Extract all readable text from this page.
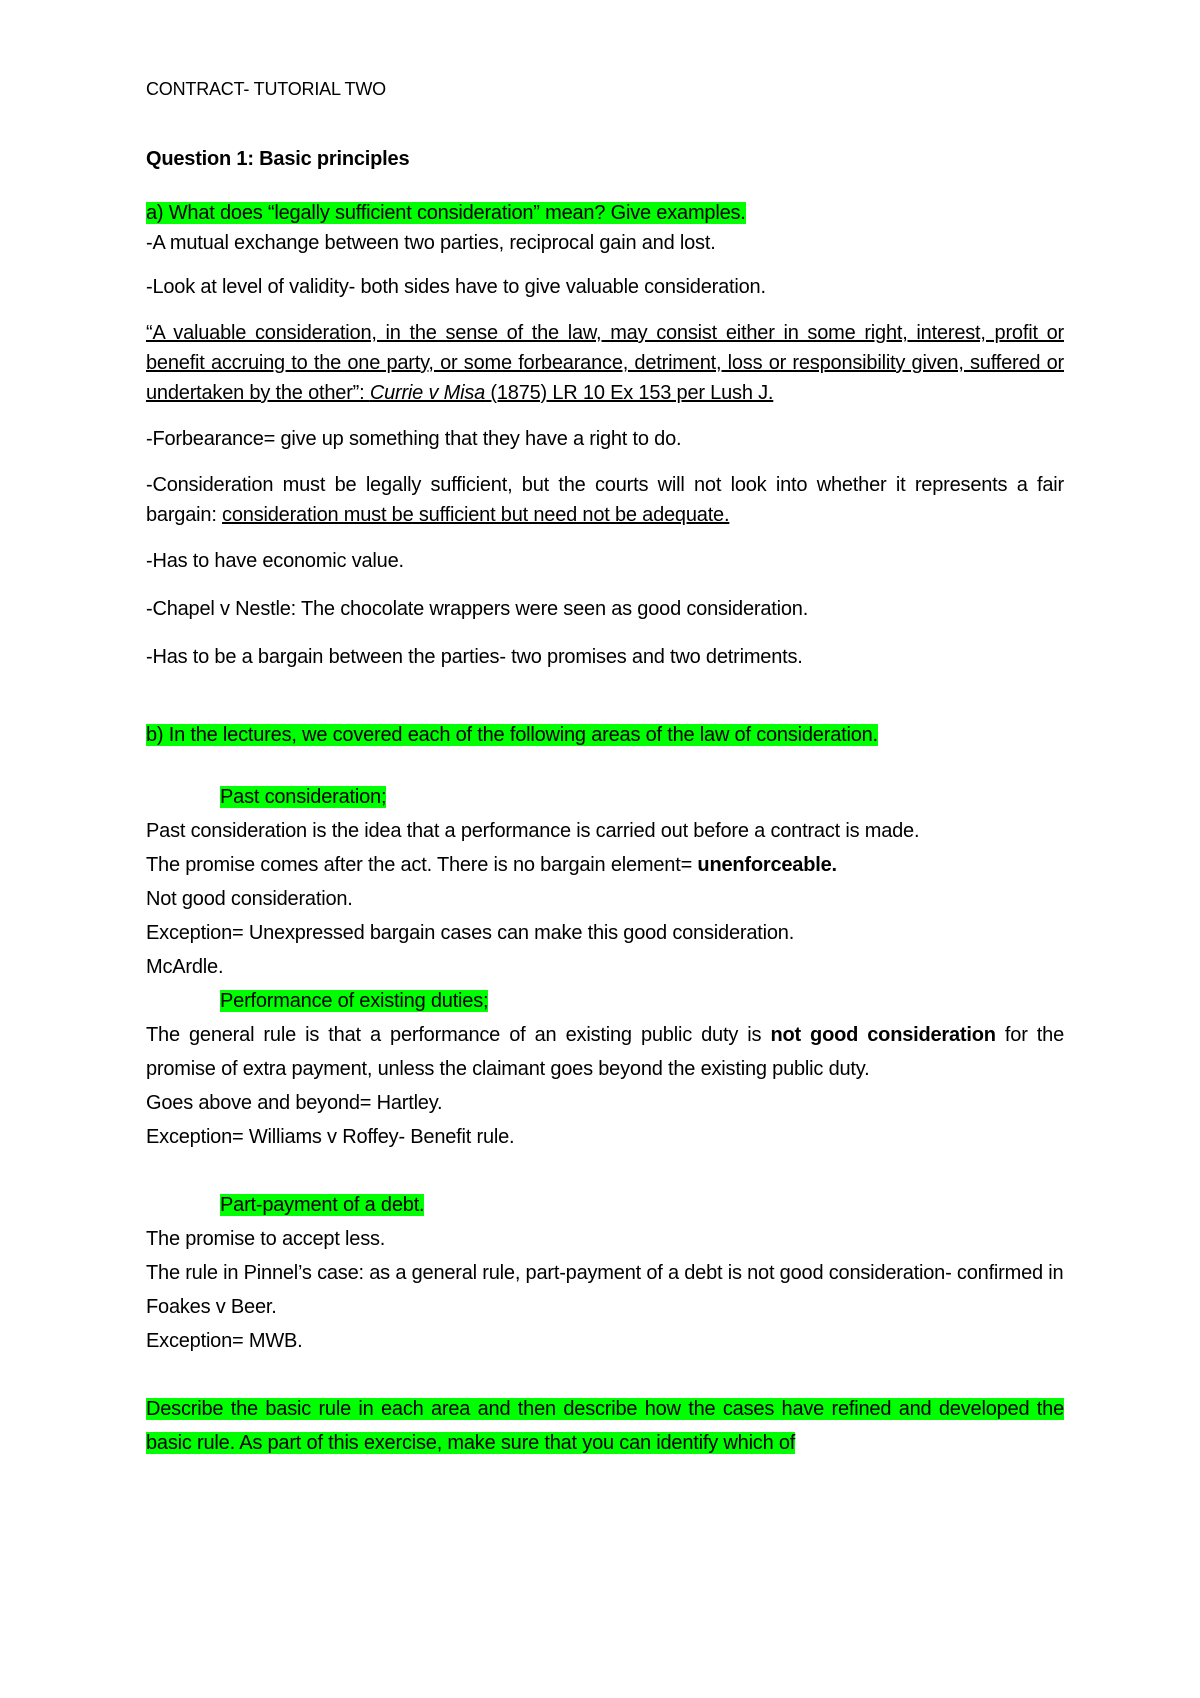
CONTRACT- TUTORIAL TWO

Question 1: Basic principles

a) What does “legally sufficient consideration” mean? Give examples.

-A mutual exchange between two parties, reciprocal gain and lost.

-Look at level of validity- both sides have to give valuable consideration.

“A valuable consideration, in the sense of the law, may consist either in some right, interest, profit or benefit accruing to the one party, or some forbearance, detriment, loss or responsibility given, suffered or undertaken by the other”: Currie v Misa (1875) LR 10 Ex 153 per Lush J.

-Forbearance= give up something that they have a right to do.

-Consideration must be legally sufficient, but the courts will not look into whether it represents a fair bargain: consideration must be sufficient but need not be adequate.

-Has to have economic value.

-Chapel v Nestle: The chocolate wrappers were seen as good consideration.

-Has to be a bargain between the parties- two promises and two detriments.

b) In the lectures, we covered each of the following areas of the law of consideration.

Past consideration;

Past consideration is the idea that a performance is carried out before a contract is made.

The promise comes after the act. There is no bargain element= unenforceable.

Not good consideration.

Exception= Unexpressed bargain cases can make this good consideration.

McArdle.

Performance of existing duties;

The general rule is that a performance of an existing public duty is not good consideration for the promise of extra payment, unless the claimant goes beyond the existing public duty.

Goes above and beyond= Hartley.

Exception= Williams v Roffey- Benefit rule.

Part-payment of a debt.

The promise to accept less.

The rule in Pinnel’s case: as a general rule, part-payment of a debt is not good consideration- confirmed in Foakes v Beer.

Exception= MWB.

Describe the basic rule in each area and then describe how the cases have refined and developed the basic rule. As part of this exercise, make sure that you can identify which of
